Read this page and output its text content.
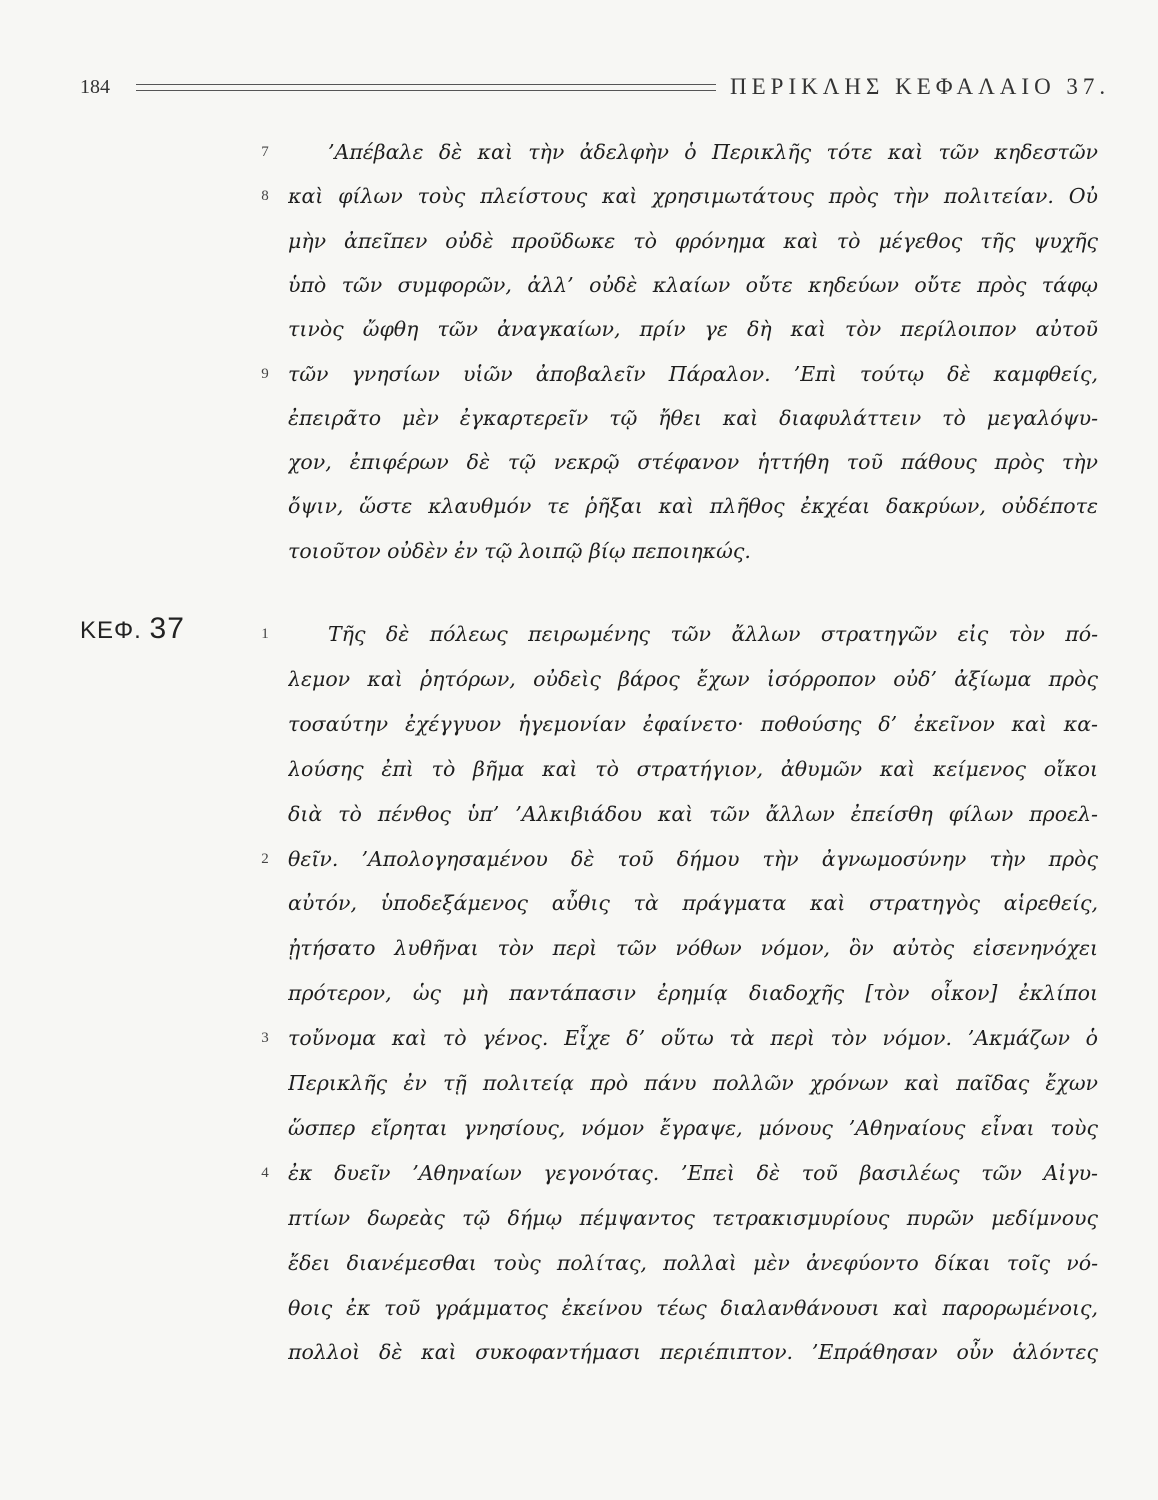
184	ΠΕΡΙΚΛΗΣ ΚΕΦΑΛΑΙΟ 37.
ΚΕΦ. 37
7	’Απέβαλε δὲ καὶ τὴν ἀδελφὴν ὁ Περικλῆς τότε καὶ τῶν κηδεστῶν
8 καὶ φίλων τοὺς πλείστους καὶ χρησιμωτάτους πρὸς τὴν πολιτείαν. Οὐ
μὴν ἀπεῖπεν οὐδὲ προῦδωκε τὸ φρόνημα καὶ τὸ μέγεθος τῆς ψυχῆς
ὑπὸ τῶν συμφορῶν, ἀλλ’ οὐδὲ κλαίων οὔτε κηδεύων οὔτε πρὸς τάφῳ
τινὸς ὤφθη τῶν ἀναγκαίων, πρίν γε δὴ καὶ τὸν περίλοιπον αὐτοῦ
9 τῶν γνησίων υἱῶν ἀποβαλεῖν Πάραλον. ’Επὶ τούτῳ δὲ καμφθείς,
ἐπειρᾶτο μὲν ἐγκαρτερεῖν τῷ ἤθει καὶ διαφυλάττειν τὸ μεγαλόψυ-
χον, ἐπιφέρων δὲ τῷ νεκρῷ στέφανον ἡττήθη τοῦ πάθους πρὸς τὴν
ὄψιν, ὥστε κλαυθμόν τε ῥῆξαι καὶ πλῆθος ἐκχέαι δακρύων, οὐδέποτε
τοιοῦτον οὐδὲν ἐν τῷ λοιπῷ βίῳ πεποιηκώς.
1	Τῆς δὲ πόλεως πειρωμένης τῶν ἄλλων στρατηγῶν εἰς τὸν πό-
λεμον καὶ ῥητόρων, οὐδεὶς βάρος ἔχων ἰσόρροπον οὐδ’ ἀξίωμα πρὸς
τοσαύτην ἐχέγγυον ἡγεμονίαν ἐφαίνετο· ποθούσης δ’ ἐκεῖνον καὶ κα-
λούσης ἐπὶ τὸ βῆμα καὶ τὸ στρατήγιον, ἀθυμῶν καὶ κείμενος οἴκοι
διὰ τὸ πένθος ὑπ’ ’Αλκιβιάδου καὶ τῶν ἄλλων ἐπείσθη φίλων προελ-
2 θεῖν. ’Απολογησαμένου δὲ τοῦ δήμου τὴν ἀγνωμοσύνην τὴν πρὸς
αὐτόν, ὑποδεξάμενος αὖθις τὰ πράγματα καὶ στρατηγὸς αἱρεθείς,
ᾐτήσατο λυθῆναι τὸν περὶ τῶν νόθων νόμον, ὃν αὐτὸς εἰσενηνόχει
πρότερον, ὡς μὴ παντάπασιν ἐρημίᾳ διαδοχῆς [τὸν οἶκον] ἐκλίποι
3 τοὔνομα καὶ τὸ γένος. Εἶχε δ’ οὕτω τὰ περὶ τὸν νόμον. ’Ακμάζων ὁ
Περικλῆς ἐν τῇ πολιτείᾳ πρὸ πάνυ πολλῶν χρόνων καὶ παῖδας ἔχων
ὥσπερ εἴρηται γνησίους, νόμον ἔγραψε, μόνους ’Αθηναίους εἶναι τοὺς
4 ἐκ δυεῖν ’Αθηναίων γεγονότας. ’Επεὶ δὲ τοῦ βασιλέως τῶν Αἰγυ-
πτίων δωρεὰς τῷ δήμῳ πέμψαντος τετρακισμυρίους πυρῶν μεδίμνους
ἔδει διανέμεσθαι τοὺς πολίτας, πολλαὶ μὲν ἀνεφύοντο δίκαι τοῖς νό-
θοις ἐκ τοῦ γράμματος ἐκείνου τέως διαλανθάνουσι καὶ παρορωμένοις,
πολλοὶ δὲ καὶ συκοφαντήμασι περιέπιπτον. ’Επράθησαν οὖν ἁλόντες
